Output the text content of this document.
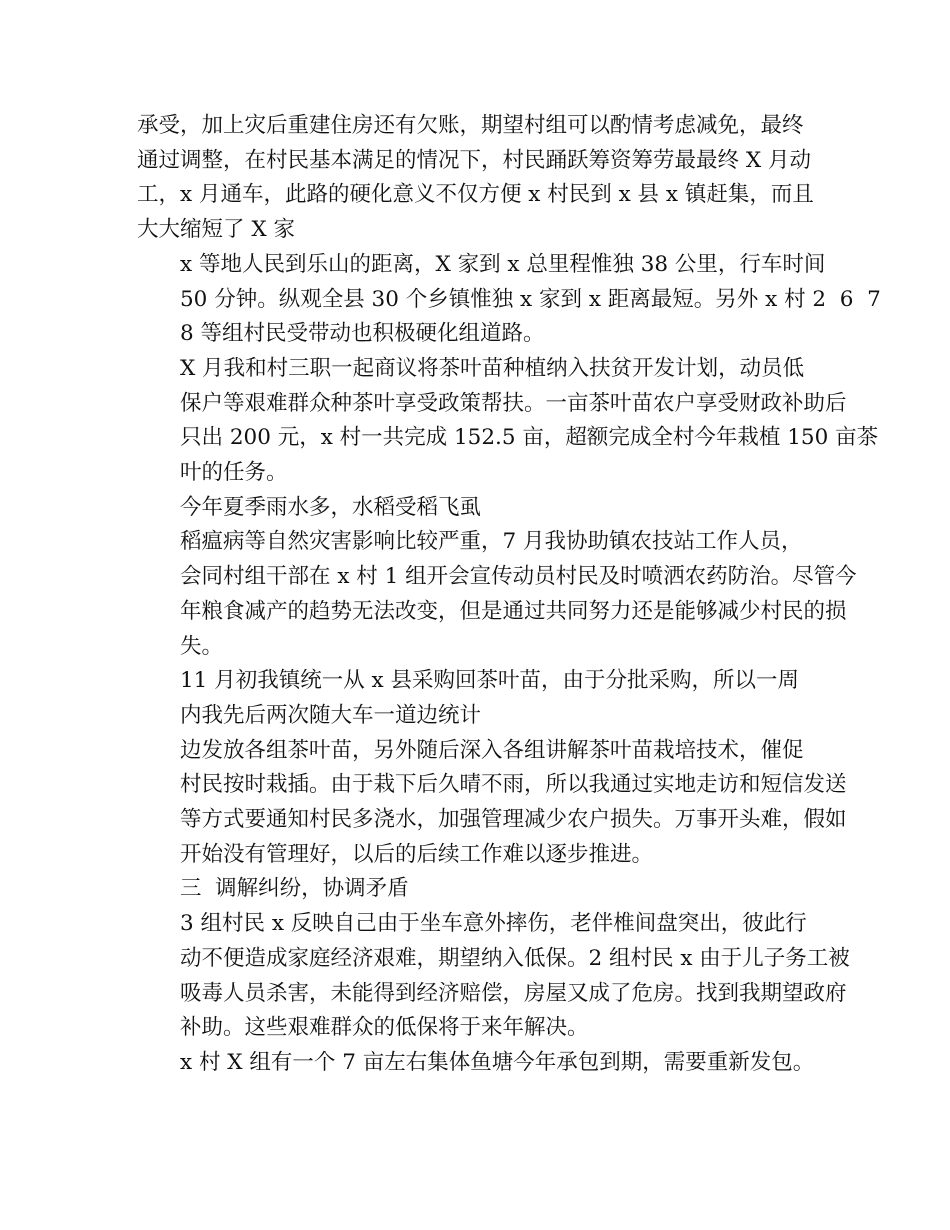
承受，加上灾后重建住房还有欠账，期望村组可以酌情考虑减免，最终
通过调整，在村民基本满足的情况下，村民踊跃筹资筹劳最最终 X 月动
工，x 月通车，此路的硬化意义不仅方便 x 村民到 x 县 x 镇赶集，而且
大大缩短了 X 家
x 等地人民到乐山的距离，X 家到 x 总里程惟独 38 公里，行车时间
50 分钟。纵观全县 30 个乡镇惟独 x 家到 x 距离最短。另外 x 村 2  6  7
8 等组村民受带动也积极硬化组道路。
X 月我和村三职一起商议将茶叶苗种植纳入扶贫开发计划，动员低
保户等艰难群众种茶叶享受政策帮扶。一亩茶叶苗农户享受财政补助后
只出 200 元，x 村一共完成 152.5 亩，超额完成全村今年栽植 150 亩茶
叶的任务。
今年夏季雨水多，水稻受稻飞虱
稻瘟病等自然灾害影响比较严重，7 月我协助镇农技站工作人员，
会同村组干部在 x 村 1 组开会宣传动员村民及时喷洒农药防治。尽管今
年粮食减产的趋势无法改变，但是通过共同努力还是能够减少村民的损
失。
11 月初我镇统一从 x 县采购回茶叶苗，由于分批采购，所以一周
内我先后两次随大车一道边统计
边发放各组茶叶苗，另外随后深入各组讲解茶叶苗栽培技术，催促
村民按时栽插。由于栽下后久晴不雨，所以我通过实地走访和短信发送
等方式要通知村民多浇水，加强管理减少农户损失。万事开头难，假如
开始没有管理好，以后的后续工作难以逐步推进。
三  调解纠纷，协调矛盾
3 组村民 x 反映自己由于坐车意外摔伤，老伴椎间盘突出，彼此行
动不便造成家庭经济艰难，期望纳入低保。2 组村民 x 由于儿子务工被
吸毒人员杀害，未能得到经济赔偿，房屋又成了危房。找到我期望政府
补助。这些艰难群众的低保将于来年解决。
x 村 X 组有一个 7 亩左右集体鱼塘今年承包到期，需要重新发包。
